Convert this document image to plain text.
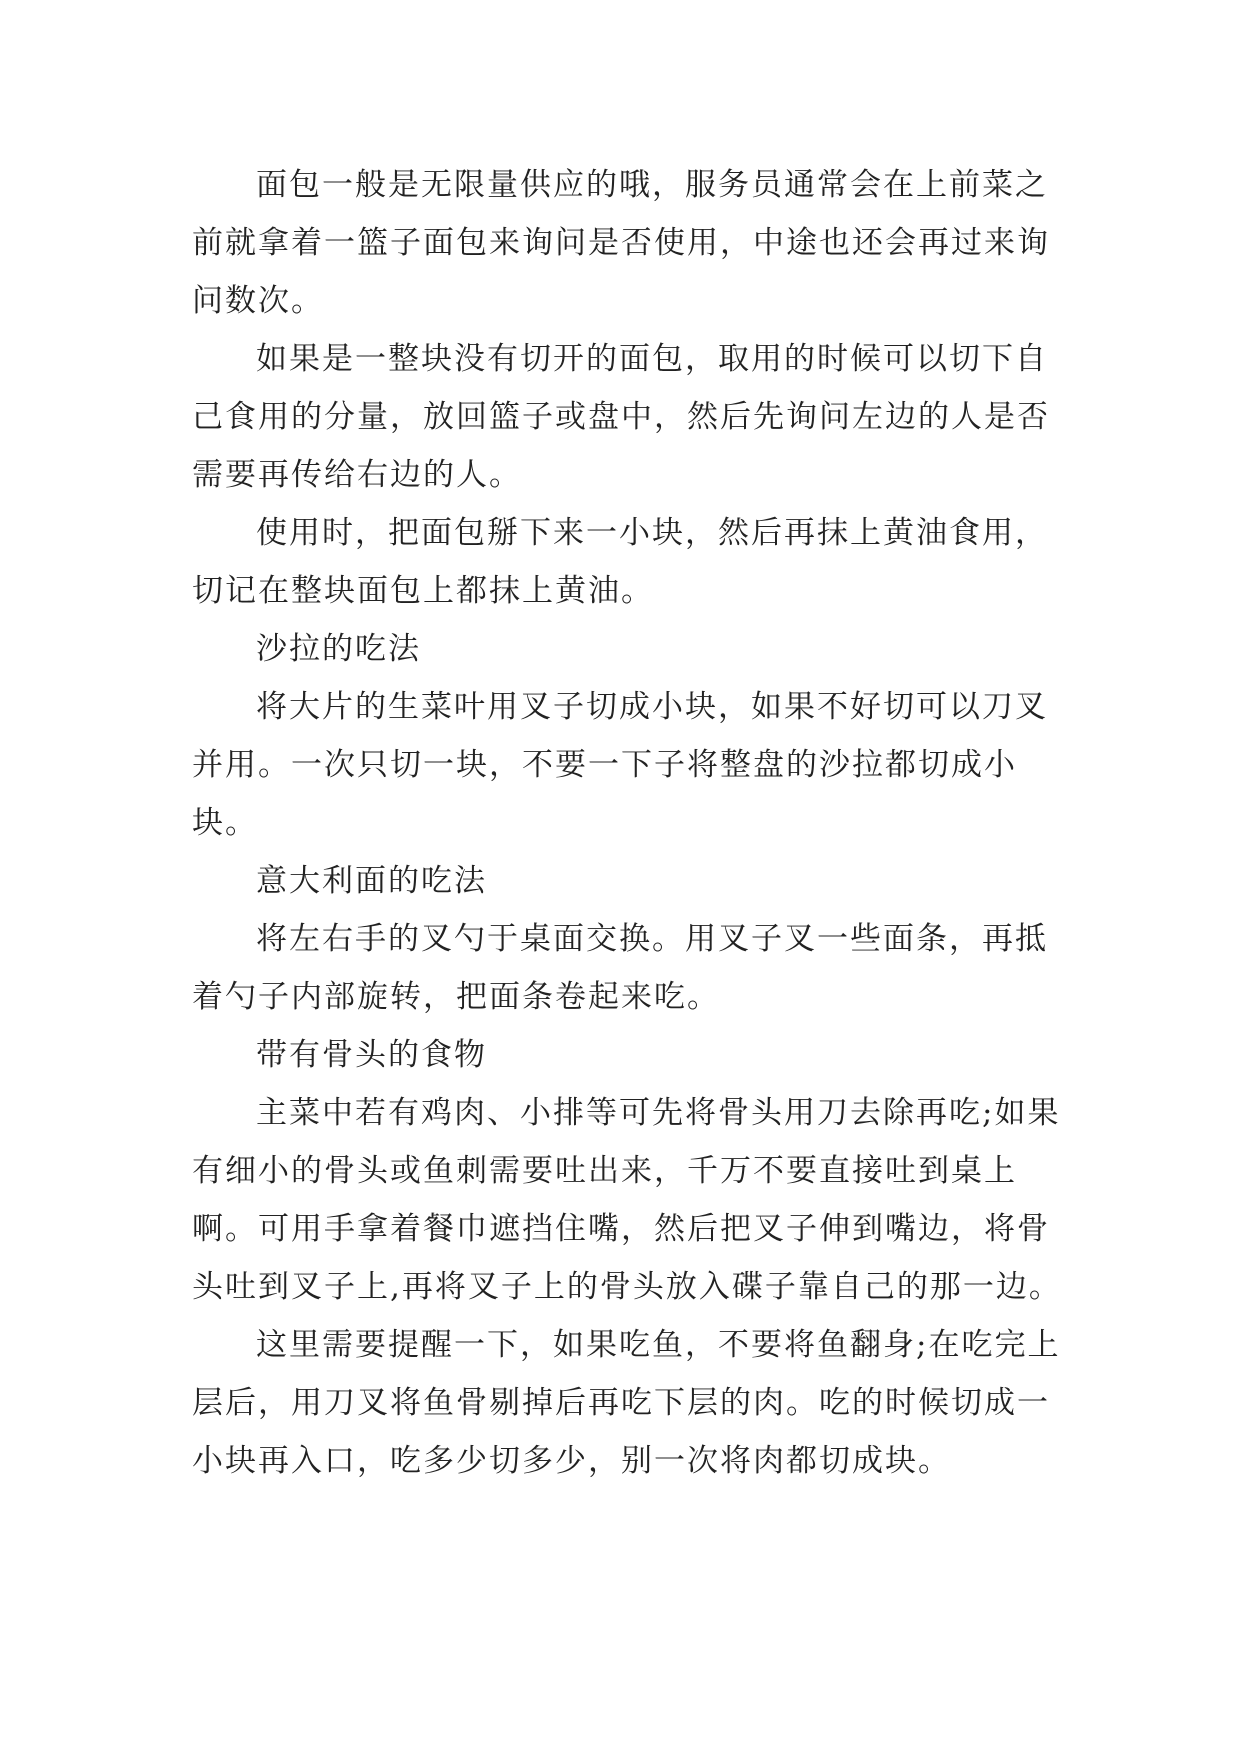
面包一般是无限量供应的哦，服务员通常会在上前菜之前就拿着一篮子面包来询问是否使用，中途也还会再过来询问数次。

如果是一整块没有切开的面包，取用的时候可以切下自己食用的分量，放回篮子或盘中，然后先询问左边的人是否需要再传给右边的人。

使用时，把面包掰下来一小块，然后再抹上黄油食用，切记在整块面包上都抹上黄油。

沙拉的吃法

将大片的生菜叶用叉子切成小块，如果不好切可以刀叉并用。一次只切一块，不要一下子将整盘的沙拉都切成小块。

意大利面的吃法

将左右手的叉勺于桌面交换。用叉子叉一些面条，再抵着勺子内部旋转，把面条卷起来吃。

带有骨头的食物

主菜中若有鸡肉、小排等可先将骨头用刀去除再吃;如果有细小的骨头或鱼刺需要吐出来，千万不要直接吐到桌上啊。可用手拿着餐巾遮挡住嘴，然后把叉子伸到嘴边，将骨头吐到叉子上,再将叉子上的骨头放入碟子靠自己的那一边。

这里需要提醒一下，如果吃鱼，不要将鱼翻身;在吃完上层后，用刀叉将鱼骨剔掉后再吃下层的肉。吃的时候切成一小块再入口，吃多少切多少，别一次将肉都切成块。
